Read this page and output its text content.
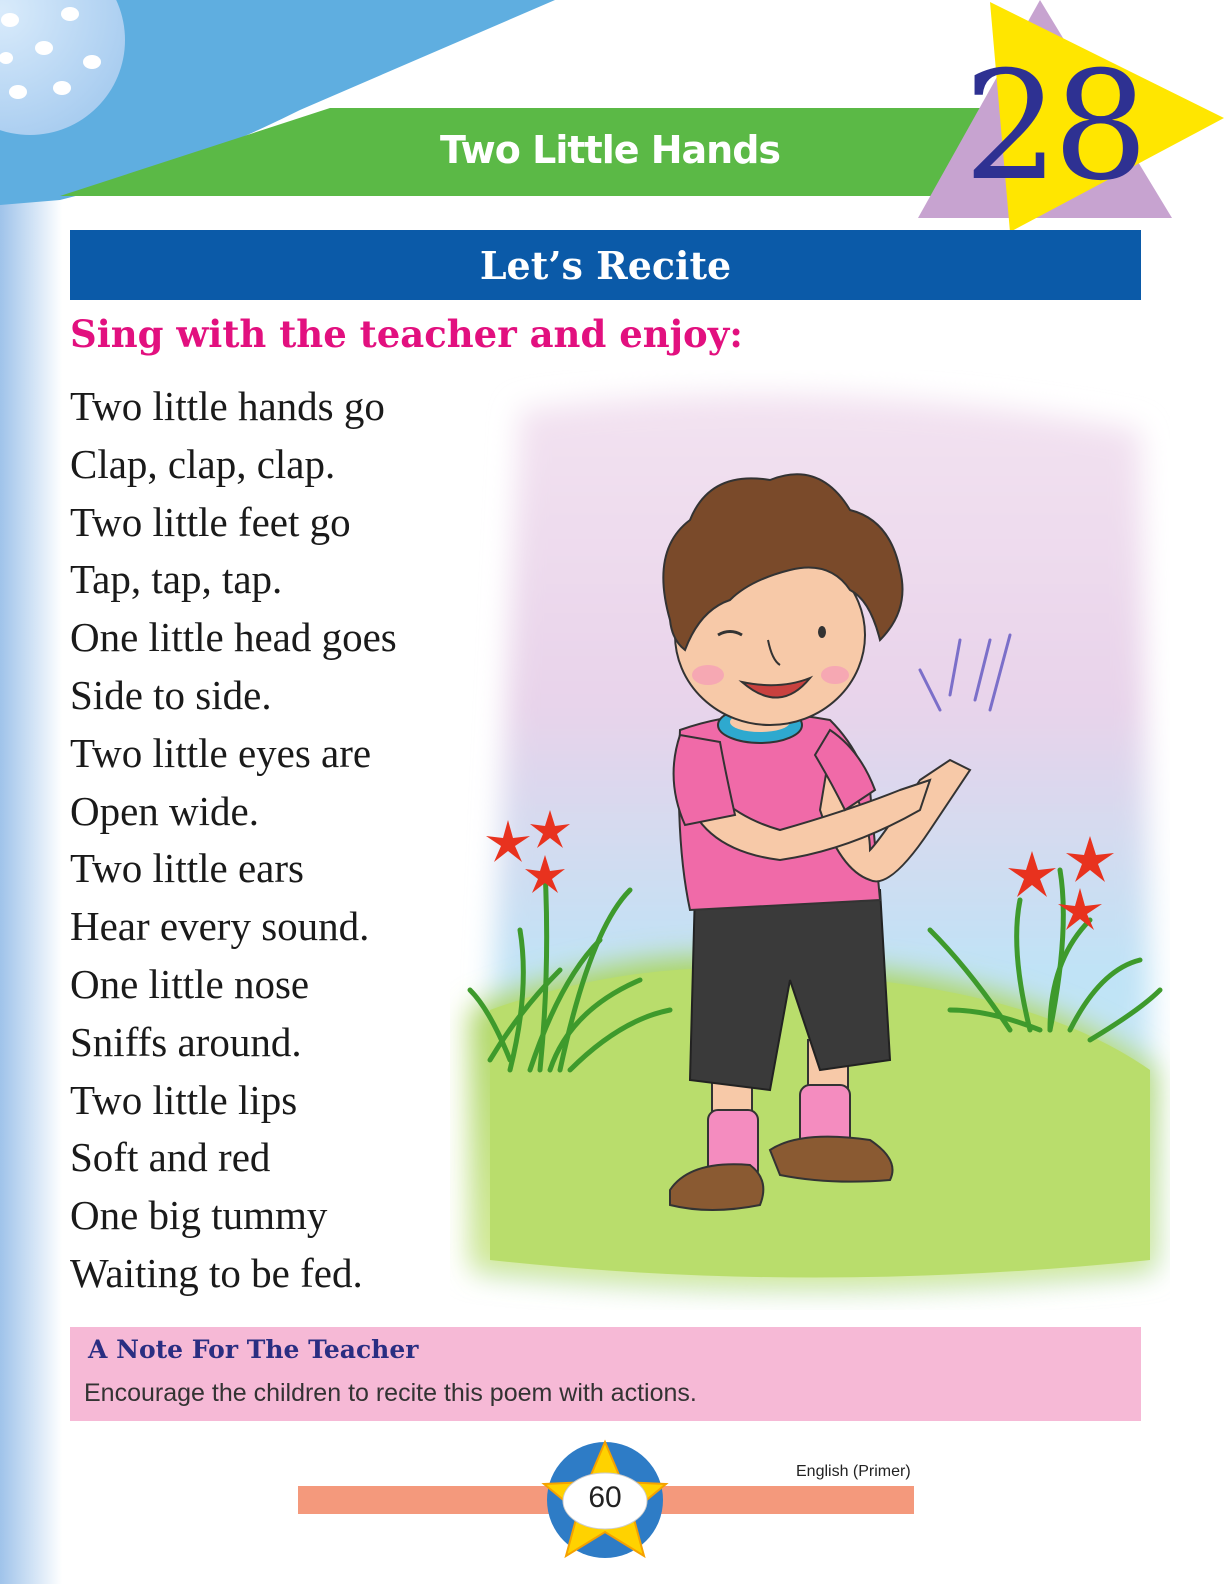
Two Little Hands	28
Let’s Recite
Sing with the teacher and enjoy:
Two little hands go
Clap, clap, clap.
Two little feet go
Tap, tap, tap.
One little head goes
Side to side.
Two little eyes are
Open wide.
Two little ears
Hear every sound.
One little nose
Sniffs around.
Two little lips
Soft and red
One big tummy
Waiting to be fed.
A Note For The Teacher
Encourage the children to recite this poem with actions.
English (Primer)
60
